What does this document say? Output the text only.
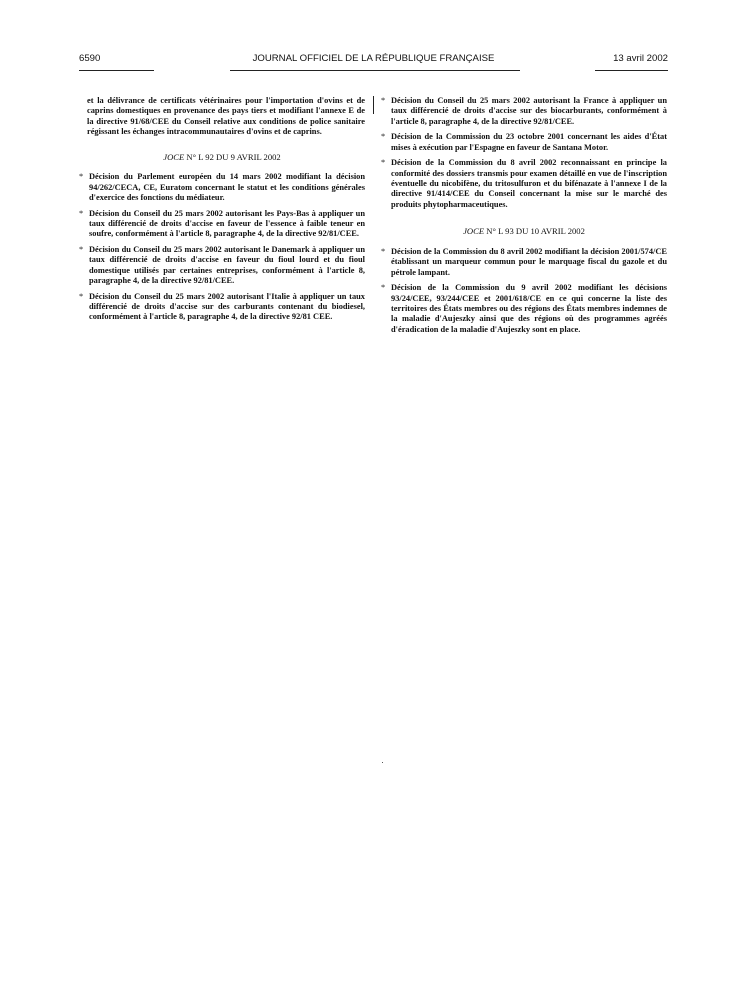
6590	JOURNAL OFFICIEL DE LA RÉPUBLIQUE FRANÇAISE	13 avril 2002

et la délivrance de certificats vétérinaires pour l'importation d'ovins et de caprins domestiques en provenance des pays tiers et modifiant l'annexe E de la directive 91/68/CEE du Conseil relative aux conditions de police sanitaire régissant les échanges intracommunautaires d'ovins et de caprins.

JOCE N° L 92 DU 9 AVRIL 2002
* Décision du Parlement européen du 14 mars 2002 modifiant la décision 94/262/CECA, CE, Euratom concernant le statut et les conditions générales d'exercice des fonctions du médiateur.
* Décision du Conseil du 25 mars 2002 autorisant les Pays-Bas à appliquer un taux différencié de droits d'accise en faveur de l'essence à faible teneur en soufre, conformément à l'article 8, paragraphe 4, de la directive 92/81/CEE.
* Décision du Conseil du 25 mars 2002 autorisant le Danemark à appliquer un taux différencié de droits d'accise en faveur du fioul lourd et du fioul domestique utilisés par certaines entreprises, conformément à l'article 8, paragraphe 4, de la directive 92/81/CEE.
* Décision du Conseil du 25 mars 2002 autorisant l'Italie à appliquer un taux différencié de droits d'accise sur des carburants contenant du biodiesel, conformément à l'article 8, paragraphe 4, de la directive 92/81 CEE.
* Décision du Conseil du 25 mars 2002 autorisant la France à appliquer un taux différencié de droits d'accise sur des biocarburants, conformément à l'article 8, paragraphe 4, de la directive 92/81/CEE.
* Décision de la Commission du 23 octobre 2001 concernant les aides d'État mises à exécution par l'Espagne en faveur de Santana Motor.
* Décision de la Commission du 8 avril 2002 reconnaissant en principe la conformité des dossiers transmis pour examen détaillé en vue de l'inscription éventuelle du nicobifène, du tritosulfuron et du bifénazate à l'annexe I de la directive 91/414/CEE du Conseil concernant la mise sur le marché des produits phytopharmaceutiques.
JOCE N° L 93 DU 10 AVRIL 2002
* Décision de la Commission du 8 avril 2002 modifiant la décision 2001/574/CE établissant un marqueur commun pour le marquage fiscal du gazole et du pétrole lampant.
* Décision de la Commission du 9 avril 2002 modifiant les décisions 93/24/CEE, 93/244/CEE et 2001/618/CE en ce qui concerne la liste des territoires des États membres ou des régions des États membres indemnes de la maladie d'Aujeszky ainsi que des régions où des programmes agréés d'éradication de la maladie d'Aujeszky sont en place.
